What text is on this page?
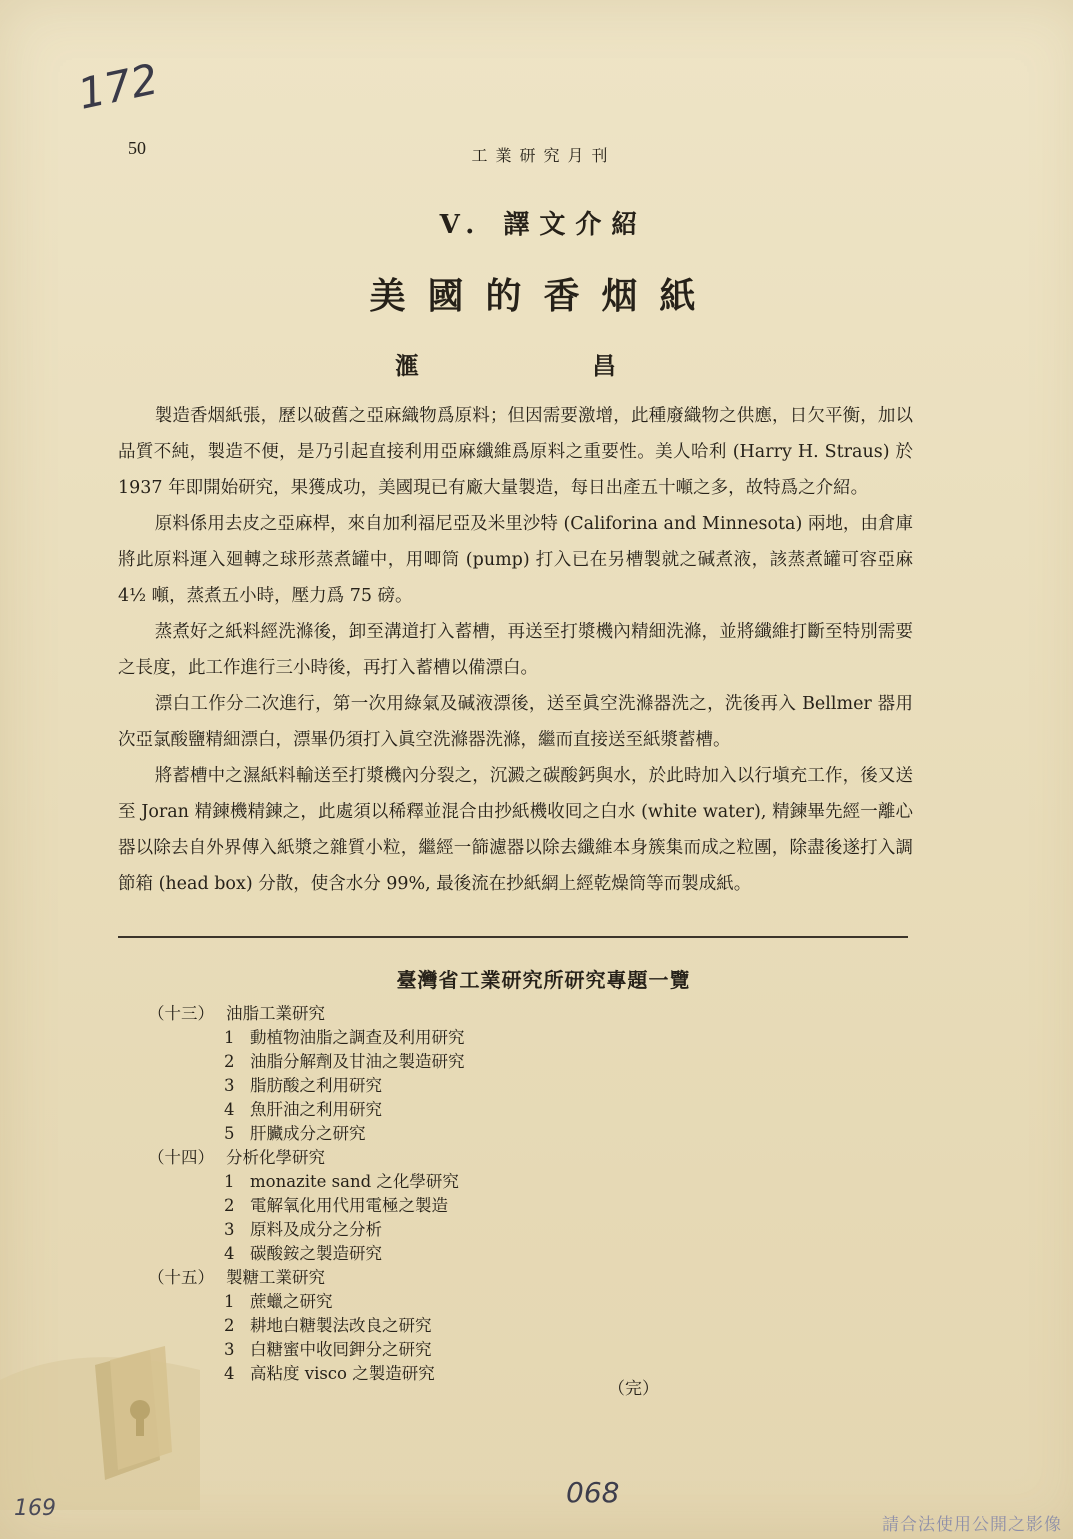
172
50	工業研究月刊
V. 譯文介紹
美國的香烟紙
滙	昌

製造香烟紙張，歷以破舊之亞麻織物爲原料；但因需要激增，此種廢織物之供應，日欠平衡，加以品質不純，製造不便，是乃引起直接利用亞麻纖維爲原料之重要性。美人哈利 (Harry H. Straus) 於 1937 年即開始研究，果獲成功，美國現已有廠大量製造，每日出產五十噸之多，故特爲之介紹。

原料係用去皮之亞麻桿，來自加利福尼亞及米里沙特 (Califorina and Minnesota) 兩地，由倉庫將此原料運入廻轉之球形蒸煮罐中，用唧筒 (pump) 打入已在另槽製就之碱煮液，該蒸煮罐可容亞麻 4½ 噸，蒸煮五小時，壓力爲 75 磅。

蒸煮好之紙料經洗滌後，卸至溝道打入蓄槽，再送至打漿機內精細洗滌，並將纖維打斷至特別需要之長度，此工作進行三小時後，再打入蓄槽以備漂白。

漂白工作分二次進行，第一次用綠氣及碱液漂後，送至眞空洗滌器洗之，洗後再入 Bellmer 器用次亞氯酸鹽精細漂白，漂畢仍須打入眞空洗滌器洗滌，繼而直接送至紙漿蓄槽。

將蓄槽中之濕紙料輸送至打漿機內分裂之，沉澱之碳酸鈣與水，於此時加入以行塡充工作，後又送至 Joran 精鍊機精鍊之，此處須以稀釋並混合由抄紙機收囘之白水 (white water), 精鍊畢先經一離心器以除去自外界傳入紙漿之雜質小粒，繼經一篩濾器以除去纖維本身簇集而成之粒團，除盡後遂打入調節箱 (head box) 分散，使含水分 99%, 最後流在抄紙網上經乾燥筒等而製成紙。

臺灣省工業研究所研究專題一覽
（十三） 油脂工業研究
1 動植物油脂之調查及利用研究
2 油脂分解劑及甘油之製造研究
3 脂肪酸之利用研究
4 魚肝油之利用研究
5 肝臟成分之研究
（十四） 分析化學研究
1 monazite sand 之化學研究
2 電解氧化用代用電極之製造
3 原料及成分之分析
4 碳酸銨之製造研究
（十五） 製糖工業研究
1 蔗蠟之研究
2 耕地白糖製法改良之研究
3 白糖蜜中收囘鉀分之研究
4 高粘度 visco 之製造研究
（完）
169	068
請合法使用公開之影像
